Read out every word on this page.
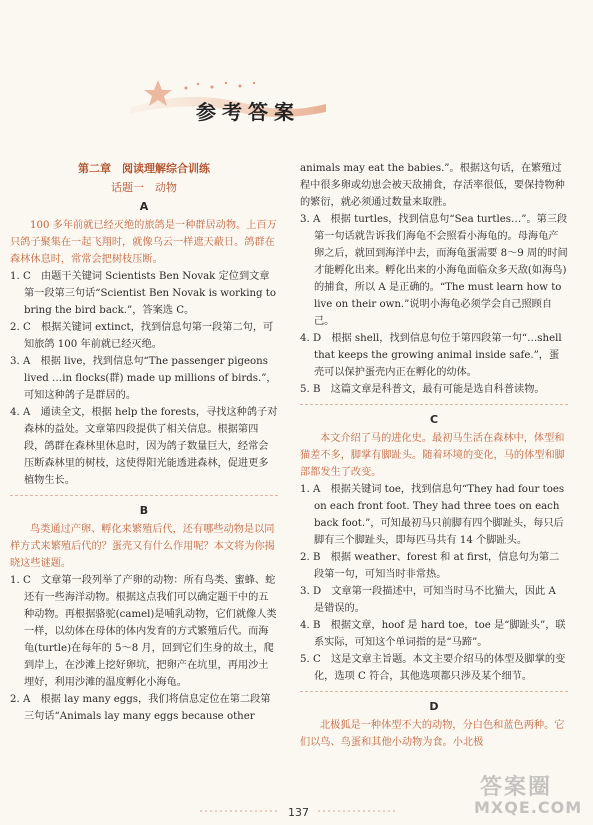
参考答案
第二章　阅读理解综合训练
话题一　动物
A
100 多年前就已经灭绝的旅鸽是一种群居动物。上百万只鸽子聚集在一起飞翔时，就像乌云一样遮天蔽日。鸽群在森林休息时，常常会把树枝压断。
1. C　由题干关键词 Scientists Ben Novak 定位到文章第一段第三句话“Scientist Ben Novak is working to bring the bird back.”，答案选 C。
2. C　根据关键词 extinct，找到信息句第一段第二句，可知旅鸽 100 年前就已经灭绝。
3. A　根据 live，找到信息句“The passenger pigeons lived …in flocks(群) made up millions of birds.”，可知这种鸽子是群居的。
4. A　通读全文，根据 help the forests，寻找这种鸽子对森林的益处。文章第四段提供了相关信息。根据第四段，鸽群在森林里休息时，因为鸽子数量巨大，经常会压断森林里的树枝，这使得阳光能透进森林，促进更多植物生长。
B
鸟类通过产卵、孵化来繁殖后代，还有哪些动物是以同样方式来繁殖后代的？蛋壳又有什么作用呢？本文将为你揭晓这些谜题。
1. C　文章第一段列举了产卵的动物：所有鸟类、蜜蜂、蛇还有一些海洋动物。根据这点我们可以确定题干中的五种动物。再根据骆驼(camel)是哺乳动物，它们就像人类一样，以幼体在母体的体内发育的方式繁殖后代。而海龟(turtle)在每年的 5～8 月，回到它们生身的故土，爬到岸上，在沙滩上挖好卵坑，把卵产在坑里，再用沙土埋好，利用沙滩的温度孵化小海龟。
2. A　根据 lay many eggs，我们将信息定位在第二段第三句话“Animals lay many eggs because other
animals may eat the babies.”。根据这句话，在繁殖过程中很多卵或幼崽会被天敌捕食，存活率很低，要保持物种的繁衍，就必须通过数量来取胜。
3. A　根据 turtles，找到信息句“Sea turtles…”。第三段第一句话就告诉我们海龟不会照看小海龟的。母海龟产卵之后，就回到海洋中去，而海龟蛋需要 8～9 周的时间才能孵化出来。孵化出来的小海龟面临众多天敌(如海鸟)的捕食，所以 A 是正确的。“The must learn how to live on their own.”说明小海龟必须学会自己照顾自己。
4. D　根据 shell，找到信息句位于第四段第一句“…shell that keeps the growing animal inside safe.”，蛋壳可以保护蛋壳内正在孵化的幼体。
5. B　这篇文章是科普文，最有可能是选自科普读物。
C
本文介绍了马的进化史。最初马生活在森林中，体型和猫差不多，脚掌有脚趾头。随着环境的变化，马的体型和脚部都发生了改变。
1. A　根据关键词 toe，找到信息句“They had four toes on each front foot. They had three toes on each back foot.”，可知最初马只前脚有四个脚趾头，每只后脚有三个脚趾头，即每匹马共有 14 个脚趾头。
2. B　根据 weather、forest 和 at first，信息句为第二段第一句，可知当时非常热。
3. D　文章第一段描述中，可知当时马不比猫大，因此 A 是错误的。
4. B　根据文章，hoof 是 hard toe，toe 是“脚趾头”，联系实际，可知这个单词指的是“马蹄”。
5. C　这是文章主旨题。本文主要介绍马的体型及脚掌的变化，选项 C 符合，其他选项都只涉及某个细节。
D
北极狐是一种体型不大的动物，分白色和蓝色两种。它们以鸟、鸟蛋和其他小动物为食。小北极
137
答案圈
MXQE.COM
